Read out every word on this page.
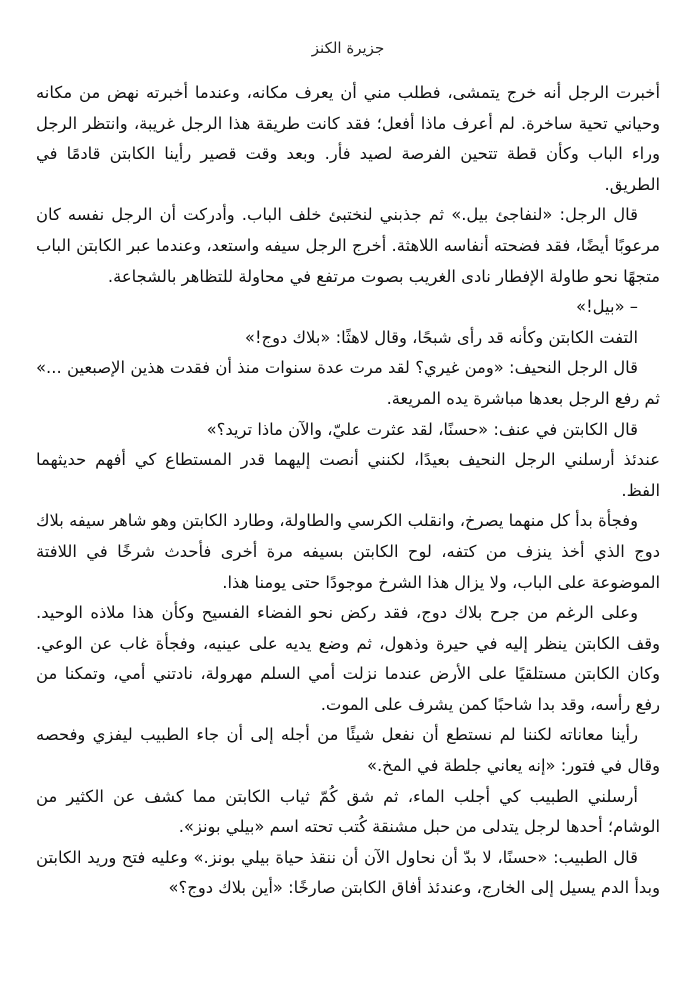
جزيرة الكنز

أخبرت الرجل أنه خرج يتمشى، فطلب مني أن يعرف مكانه، وعندما أخبرته نهض من مكانه وحياني تحية ساخرة. لم أعرف ماذا أفعل؛ فقد كانت طريقة هذا الرجل غريبة، وانتظر الرجل وراء الباب وكأن قطة تتحين الفرصة لصيد فأر. وبعد وقت قصير رأينا الكابتن قادمًا في الطريق.

قال الرجل: «لنفاجئ بيل.» ثم جذبني لنختبئ خلف الباب. وأدركت أن الرجل نفسه كان مرعوبًا أيضًا، فقد فضحته أنفاسه اللاهثة. أخرج الرجل سيفه واستعد، وعندما عبر الكابتن الباب متجهًا نحو طاولة الإفطار نادى الغريب بصوت مرتفع في محاولة للتظاهر بالشجاعة.

– «بيل!»

التفت الكابتن وكأنه قد رأى شبحًا، وقال لاهثًا: «بلاك دوج!»

قال الرجل النحيف: «ومن غيري؟ لقد مرت عدة سنوات منذ أن فقدت هذين الإصبعين ...» ثم رفع الرجل بعدها مباشرة يده المريعة.

قال الكابتن في عنف: «حسنًا، لقد عثرت عليّ، والآن ماذا تريد؟»

عندئذ أرسلني الرجل النحيف بعيدًا، لكنني أنصت إليهما قدر المستطاع كي أفهم حديثهما الفظ.

وفجأة بدأ كل منهما يصرخ، وانقلب الكرسي والطاولة، وطارد الكابتن وهو شاهر سيفه بلاك دوج الذي أخذ ينزف من كتفه، لوح الكابتن بسيفه مرة أخرى فأحدث شرخًا في اللافتة الموضوعة على الباب، ولا يزال هذا الشرخ موجودًا حتى يومنا هذا.

وعلى الرغم من جرح بلاك دوج، فقد ركض نحو الفضاء الفسيح وكأن هذا ملاذه الوحيد. وقف الكابتن ينظر إليه في حيرة وذهول، ثم وضع يديه على عينيه، وفجأة غاب عن الوعي. وكان الكابتن مستلقيًا على الأرض عندما نزلت أمي السلم مهرولة، نادتني أمي، وتمكنا من رفع رأسه، وقد بدا شاحبًا كمن يشرف على الموت.

رأينا معاناته لكننا لم نستطع أن نفعل شيئًا من أجله إلى أن جاء الطبيب ليفزي وفحصه وقال في فتور: «إنه يعاني جلطة في المخ.»

أرسلني الطبيب كي أجلب الماء، ثم شق كُمّ ثياب الكابتن مما كشف عن الكثير من الوشام؛ أحدها لرجل يتدلى من حبل مشنقة كُتب تحته اسم «بيلي بونز».

قال الطبيب: «حسنًا، لا بدّ أن نحاول الآن أن ننقذ حياة بيلي بونز.» وعليه فتح وريد الكابتن وبدأ الدم يسيل إلى الخارج، وعندئذ أفاق الكابتن صارخًا: «أين بلاك دوج؟»
